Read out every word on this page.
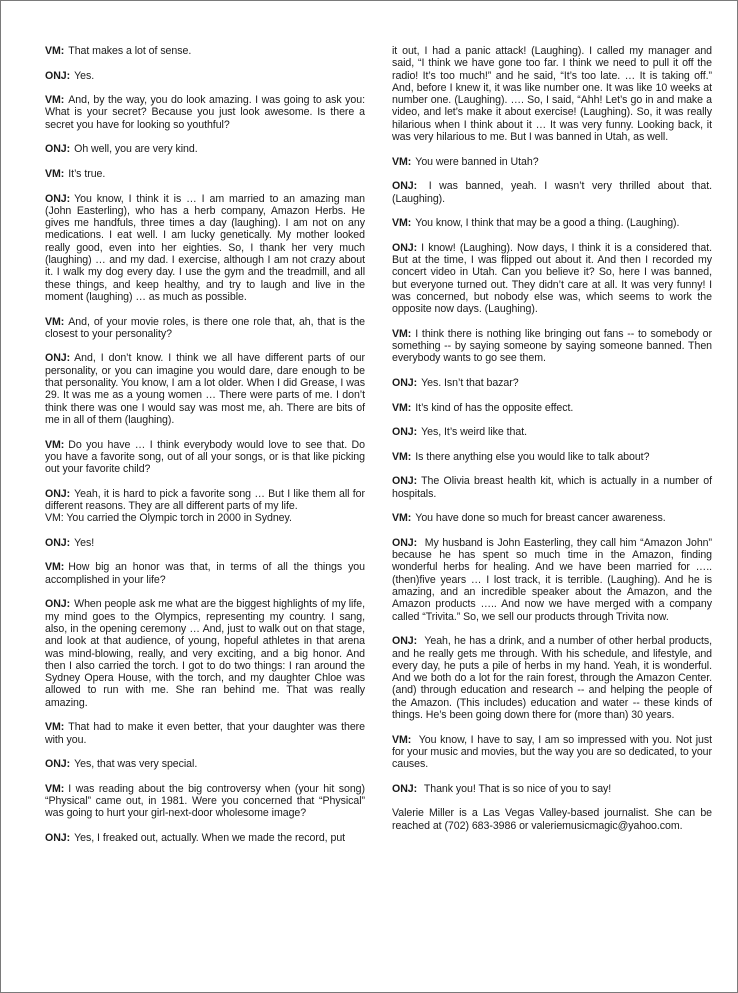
VM: That makes a lot of sense.

ONJ: Yes.

VM: And, by the way, you do look amazing. I was going to ask you: What is your secret? Because you just look awesome. Is there a secret you have for looking so youthful?

ONJ: Oh well, you are very kind.

VM: It’s true.

ONJ: You know, I think it is … I am married to an amazing man (John Easterling), who has a herb company, Amazon Herbs. He gives me handfuls, three times a day (laughing). I am not on any medications. I eat well. I am lucky genetically. My mother looked really good, even into her eighties. So, I thank her very much (laughing) … and my dad. I exercise, although I am not crazy about it. I walk my dog every day. I use the gym and the treadmill, and all these things, and keep healthy, and try to laugh and live in the moment (laughing) … as much as possible.

VM: And, of your movie roles, is there one role that, ah, that is the closest to your personality?

ONJ: And, I don’t know. I think we all have different parts of our personality, or you can imagine you would dare, dare enough to be that personality. You know, I am a lot older. When I did Grease, I was 29. It was me as a young women … There were parts of me. I don’t think there was one I would say was most me, ah. There are bits of me in all of them (laughing).

VM: Do you have … I think everybody would love to see that. Do you have a favorite song, out of all your songs, or is that like picking out your favorite child?

ONJ: Yeah, it is hard to pick a favorite song … But I like them all for different reasons. They are all different parts of my life.
VM: You carried the Olympic torch in 2000 in Sydney.

ONJ: Yes!

VM: How big an honor was that, in terms of all the things you accomplished in your life?

ONJ: When people ask me what are the biggest highlights of my life, my mind goes to the Olympics, representing my country. I sang, also, in the opening ceremony … And, just to walk out on that stage, and look at that audience, of young, hopeful athletes in that arena was mind-blowing, really, and very exciting, and a big honor. And then I also carried the torch. I got to do two things: I ran around the Sydney Opera House, with the torch, and my daughter Chloe was allowed to run with me. She ran behind me. That was really amazing.

VM: That had to make it even better, that your daughter was there with you.

ONJ: Yes, that was very special.

VM: I was reading about the big controversy when (your hit song) “Physical” came out, in 1981. Were you concerned that “Physical” was going to hurt your girl-next-door wholesome image?

ONJ: Yes, I freaked out, actually. When we made the record, put

it out, I had a panic attack! (Laughing). I called my manager and said, “I think we have gone too far. I think we need to pull it off the radio! It’s too much!” and he said, “It’s too late. … It is taking off.” And, before I knew it, it was like number one. It was like 10 weeks at number one. (Laughing). …. So, I said, “Ahh! Let’s go in and make a video, and let’s make it about exercise! (Laughing). So, it was really hilarious when I think about it … It was very funny. Looking back, it was very hilarious to me. But I was banned in Utah, as well.

VM: You were banned in Utah?

ONJ: I was banned, yeah. I wasn’t very thrilled about that. (Laughing).

VM: You know, I think that may be a good a thing. (Laughing).

ONJ: I know! (Laughing). Now days, I think it is a considered that. But at the time, I was flipped out about it. And then I recorded my concert video in Utah. Can you believe it? So, here I was banned, but everyone turned out. They didn’t care at all. It was very funny! I was concerned, but nobody else was, which seems to work the opposite now days. (Laughing).

VM: I think there is nothing like bringing out fans -- to somebody or something -- by saying someone by saying someone banned. Then everybody wants to go see them.

ONJ: Yes. Isn’t that bazar?

VM: It’s kind of has the opposite effect.

ONJ: Yes, It’s weird like that.

VM: Is there anything else you would like to talk about?

ONJ: The Olivia breast health kit, which is actually in a number of hospitals.

VM: You have done so much for breast cancer awareness.

ONJ: My husband is John Easterling, they call him “Amazon John” because he has spent so much time in the Amazon, finding wonderful herbs for healing. And we have been married for ….. (then)five years … I lost track, it is terrible. (Laughing). And he is amazing, and an incredible speaker about the Amazon, and the Amazon products ….. And now we have merged with a company called “Trivita.” So, we sell our products through Trivita now.

ONJ: Yeah, he has a drink, and a number of other herbal products, and he really gets me through. With his schedule, and lifestyle, and every day, he puts a pile of herbs in my hand. Yeah, it is wonderful. And we both do a lot for the rain forest, through the Amazon Center. (and) through education and research -- and helping the people of the Amazon. (This includes) education and water -- these kinds of things. He’s been going down there for (more than) 30 years.

VM: You know, I have to say, I am so impressed with you. Not just for your music and movies, but the way you are so dedicated, to your causes.

ONJ: Thank you! That is so nice of you to say!

Valerie Miller is a Las Vegas Valley-based journalist. She can be reached at (702) 683-3986 or valeriemusicmagic@yahoo.com.
